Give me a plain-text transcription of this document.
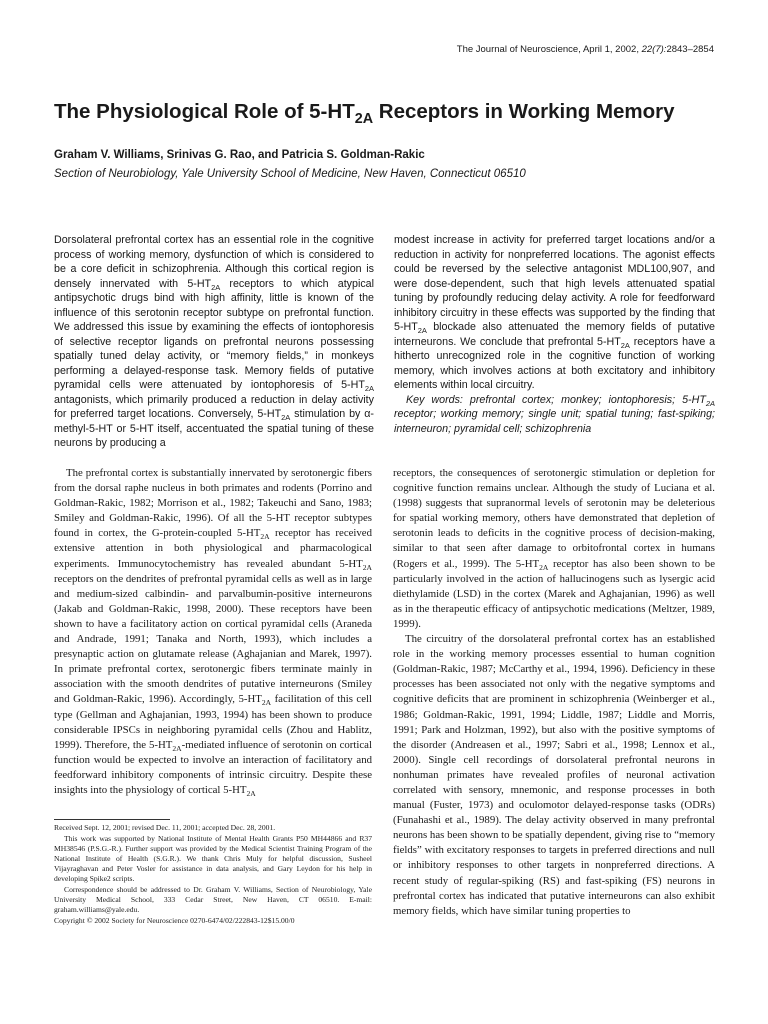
The Journal of Neuroscience, April 1, 2002, 22(7):2843–2854
The Physiological Role of $5-HT_{2A}$ Receptors in Working Memory
Graham V. Williams, Srinivas G. Rao, and Patricia S. Goldman-Rakic
Section of Neurobiology, Yale University School of Medicine, New Haven, Connecticut 06510

Dorsolateral prefrontal cortex has an essential role in the cognitive process of working memory, dysfunction of which is considered to be a core deficit in schizophrenia. Although this cortical region is densely innervated with $5-HT_{2A}$ receptors to which atypical antipsychotic drugs bind with high affinity, little is known of the influence of this serotonin receptor subtype on prefrontal function. We addressed this issue by examining the effects of iontophoresis of selective receptor ligands on prefrontal neurons possessing spatially tuned delay activity, or “memory fields,” in monkeys performing a delayed-response task. Memory fields of putative pyramidal cells were attenuated by iontophoresis of $5-HT_{2A}$ antagonists, which primarily produced a reduction in delay activity for preferred target locations. Conversely, $5-HT_{2A}$ stimulation by α-methyl-5-HT or 5-HT itself, accentuated the spatial tuning of these neurons by producing a

modest increase in activity for preferred target locations and/or a reduction in activity for nonpreferred locations. The agonist effects could be reversed by the selective antagonist MDL100,907, and were dose-dependent, such that high levels attenuated spatial tuning by profoundly reducing delay activity. A role for feedforward inhibitory circuitry in these effects was supported by the finding that $5-HT_{2A}$ blockade also attenuated the memory fields of putative interneurons. We conclude that prefrontal $5-HT_{2A}$ receptors have a hitherto unrecognized role in the cognitive function of working memory, which involves actions at both excitatory and inhibitory elements within local circuitry.

Key words: prefrontal cortex; monkey; iontophoresis; $5-HT_{2A}$ receptor; working memory; single unit; spatial tuning; fast-spiking; interneuron; pyramidal cell; schizophrenia

The prefrontal cortex is substantially innervated by serotonergic fibers from the dorsal raphe nucleus in both primates and rodents (Porrino and Goldman-Rakic, 1982; Morrison et al., 1982; Takeuchi and Sano, 1983; Smiley and Goldman-Rakic, 1996). Of all the 5-HT receptor subtypes found in cortex, the G-protein-coupled $5-HT_{2A}$ receptor has received extensive attention in both physiological and pharmacological experiments. Immunocytochemistry has revealed abundant $5-HT_{2A}$ receptors on the dendrites of prefrontal pyramidal cells as well as in large and medium-sized calbindin- and parvalbumin-positive interneurons (Jakab and Goldman-Rakic, 1998, 2000). These receptors have been shown to have a facilitatory action on cortical pyramidal cells (Araneda and Andrade, 1991; Tanaka and North, 1993), which includes a presynaptic action on glutamate release (Aghajanian and Marek, 1997). In primate prefrontal cortex, serotonergic fibers terminate mainly in association with the smooth dendrites of putative interneurons (Smiley and Goldman-Rakic, 1996). Accordingly, $5-HT_{2A}$ facilitation of this cell type (Gellman and Aghajanian, 1993, 1994) has been shown to produce considerable IPSCs in neighboring pyramidal cells (Zhou and Hablitz, 1999). Therefore, the $5-HT_{2A}$-mediated influence of serotonin on cortical function would be expected to involve an interaction of facilitatory and feedforward inhibitory components of intrinsic circuitry. Despite these insights into the physiology of cortical $5-HT_{2A}$

receptors, the consequences of serotonergic stimulation or depletion for cognitive function remains unclear. Although the study of Luciana et al. (1998) suggests that supranormal levels of serotonin may be deleterious for spatial working memory, others have demonstrated that depletion of serotonin leads to deficits in the cognitive process of decision-making, similar to that seen after damage to orbitofrontal cortex in humans (Rogers et al., 1999). The $5-HT_{2A}$ receptor has also been shown to be particularly involved in the action of hallucinogens such as lysergic acid diethylamide (LSD) in the cortex (Marek and Aghajanian, 1996) as well as in the therapeutic efficacy of antipsychotic medications (Meltzer, 1989, 1999).

The circuitry of the dorsolateral prefrontal cortex has an established role in the working memory processes essential to human cognition (Goldman-Rakic, 1987; McCarthy et al., 1994, 1996). Deficiency in these processes has been associated not only with the negative symptoms and cognitive deficits that are prominent in schizophrenia (Weinberger et al., 1986; Goldman-Rakic, 1991, 1994; Liddle, 1987; Liddle and Morris, 1991; Park and Holzman, 1992), but also with the positive symptoms of the disorder (Andreasen et al., 1997; Sabri et al., 1998; Lennox et al., 2000). Single cell recordings of dorsolateral prefrontal neurons in nonhuman primates have revealed profiles of neuronal activation correlated with sensory, mnemonic, and response processes in both manual (Fuster, 1973) and oculomotor delayed-response tasks (ODRs) (Funahashi et al., 1989). The delay activity observed in many prefrontal neurons has been shown to be spatially dependent, giving rise to “memory fields” with excitatory responses to targets in preferred directions and null or inhibitory responses to other targets in nonpreferred directions. A recent study of regular-spiking (RS) and fast-spiking (FS) neurons in prefrontal cortex has indicated that putative interneurons can also exhibit memory fields, which have similar tuning properties to

Received Sept. 12, 2001; revised Dec. 11, 2001; accepted Dec. 28, 2001.

This work was supported by National Institute of Mental Health Grants P50 MH44866 and R37 MH38546 (P.S.G.-R.). Further support was provided by the Medical Scientist Training Program of the National Institute of Health (S.G.R.). We thank Chris Muly for helpful discussion, Susheel Vijayraghavan and Peter Vosler for assistance in data analysis, and Gary Leydon for his help in developing Spike2 scripts.

Correspondence should be addressed to Dr. Graham V. Williams, Section of Neurobiology, Yale University Medical School, 333 Cedar Street, New Haven, CT 06510. E-mail: graham.williams@yale.edu.

Copyright © 2002 Society for Neuroscience 0270-6474/02/222843-12$15.00/0
